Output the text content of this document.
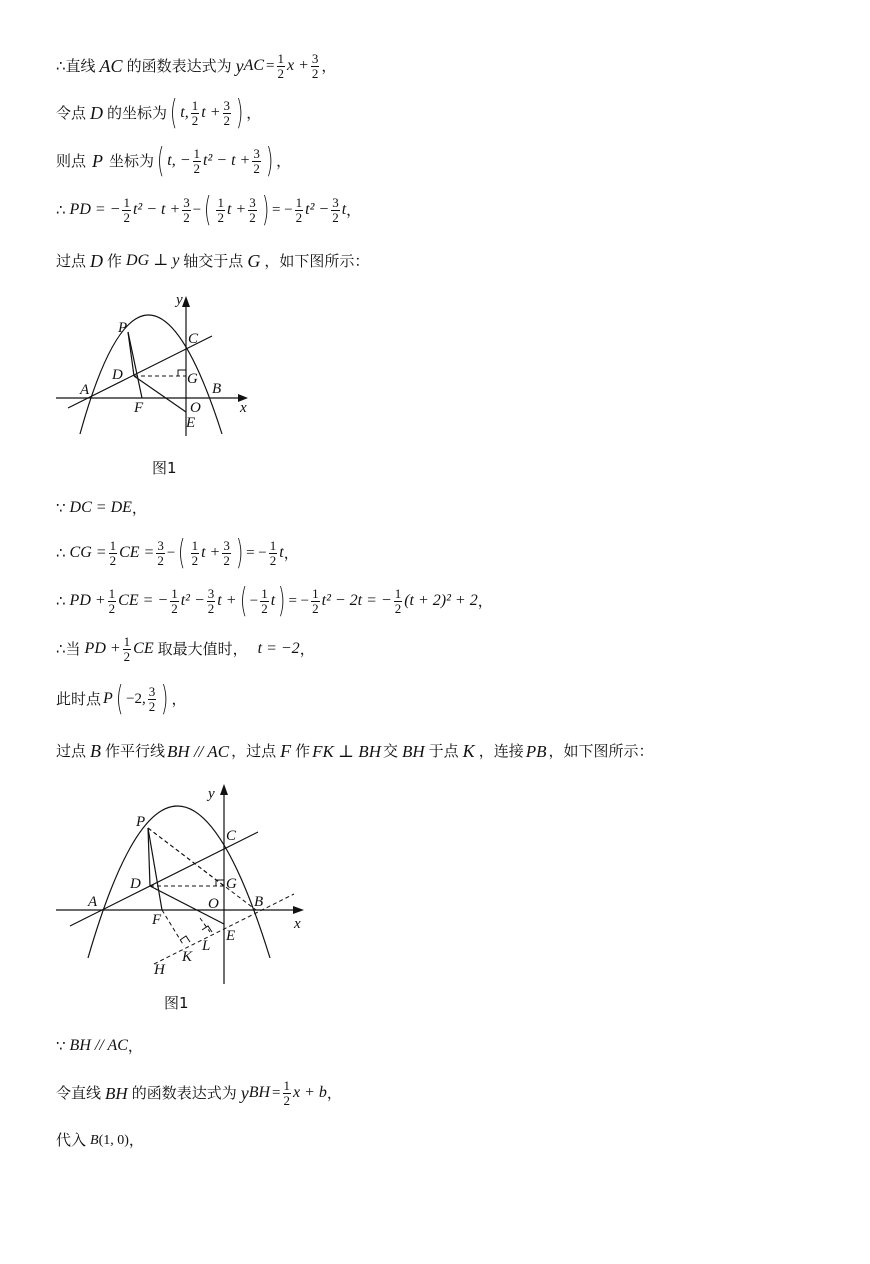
∴直线 AC 的函数表达式为 y AC = $\frac{1}{2}$ $x + \frac{3}{2}$ ，
令点 D 的坐标为 ( t, $\frac{1}{2}$ $t + \frac{3}{2}$ ) ，
则点 P 坐标为 ( t, − $\frac{1}{2} t^2 - t + \frac{3}{2}$ ) ，
∴ PD = − $\frac{1}{2} t^2 - t + \frac{3}{2}$ − ( $\frac{1}{2}$ $t + \frac{3}{2}$ ) = − $\frac{1}{2} t^2 - \frac{3}{2}$ t ，
过点 D 作 DG ⊥ y 轴交于点 G ，如下图所示：
y
x
P
C
D	G
A	B
F	O
E
图1
∵ DC = DE ，
∴ CG = $\frac{1}{2}$ CE = $\frac{3}{2}$ − ( $\frac{1}{2}$ $t + \frac{3}{2}$ ) = − $\frac{1}{2}$ t ，
∴ PD + $\frac{1}{2}$ CE = − $\frac{1}{2} t^2 - \frac{3}{2}$ t + ( − $\frac{1}{2}$ t ) = − $\frac{1}{2} t^2 - 2t$ = − $\frac{1}{2} (t + 2)^2 + 2$ ，
∴当 PD + $\frac{1}{2}$ CE 取最大值时， t = −2 ，
此时点 P ( −2, $\frac{3}{2}$ ) ，
过点 B 作平行线 BH // AC ，过点 F 作 FK ⊥ BH 交 BH 于点 K ，连接 PB ，如下图所示：
y
x
P
C
D	G
A	B
F
O
E
K
L
H
图1
∵ BH // AC ，
令直线 BH 的函数表达式为 y BH = $\frac{1}{2}$ x + b ，
代入 B (1, 0) ，
